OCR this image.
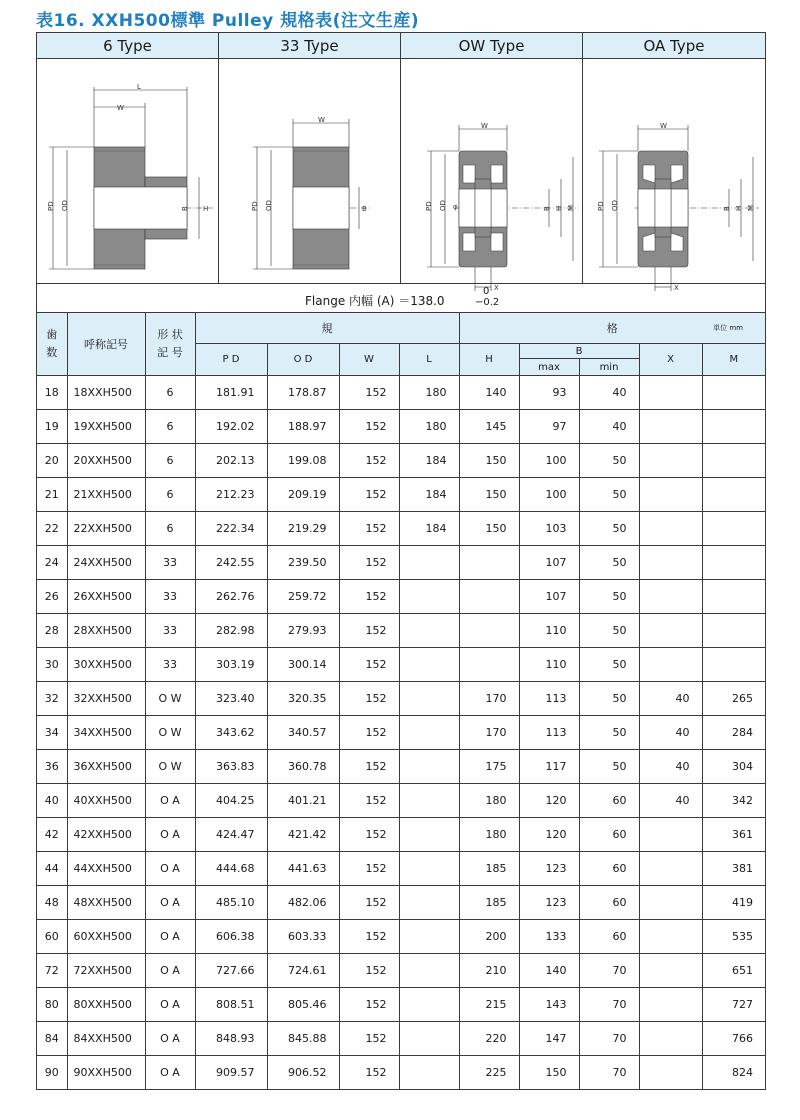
表16. XXH500標準 Pulley 規格表(注文生産)
6 Type
L
W
PD OD	B H
33 Type
W
PD OD	B
OW Type
W
PD OD φ	B H M
X
OA Type
W
PD OD	B H M
X
Flange 内幅 (A) ＝138.0
0
−0.2
歯
数	呼称記号	形 状
記 号	規				格 単位 mm				

			P D	O D	W	L	H	B		X	M
								max	min		
18	18XXH500	6	181.91	178.87	152	180	140	93	40		
19	19XXH500	6	192.02	188.97	152	180	145	97	40		
20	20XXH500	6	202.13	199.08	152	184	150	100	50		
21	21XXH500	6	212.23	209.19	152	184	150	100	50		
22	22XXH500	6	222.34	219.29	152	184	150	103	50		
24	24XXH500	33	242.55	239.50	152			107	50		
26	26XXH500	33	262.76	259.72	152			107	50		
28	28XXH500	33	282.98	279.93	152			110	50		
30	30XXH500	33	303.19	300.14	152			110	50		
32	32XXH500	O W	323.40	320.35	152		170	113	50	40	265
34	34XXH500	O W	343.62	340.57	152		170	113	50	40	284
36	36XXH500	O W	363.83	360.78	152		175	117	50	40	304
40	40XXH500	O A	404.25	401.21	152		180	120	60	40	342
42	42XXH500	O A	424.47	421.42	152		180	120	60		361
44	44XXH500	O A	444.68	441.63	152		185	123	60		381
48	48XXH500	O A	485.10	482.06	152		185	123	60		419
60	60XXH500	O A	606.38	603.33	152		200	133	60		535
72	72XXH500	O A	727.66	724.61	152		210	140	70		651
80	80XXH500	O A	808.51	805.46	152		215	143	70		727
84	84XXH500	O A	848.93	845.88	152		220	147	70		766
90	90XXH500	O A	909.57	906.52	152		225	150	70		824
